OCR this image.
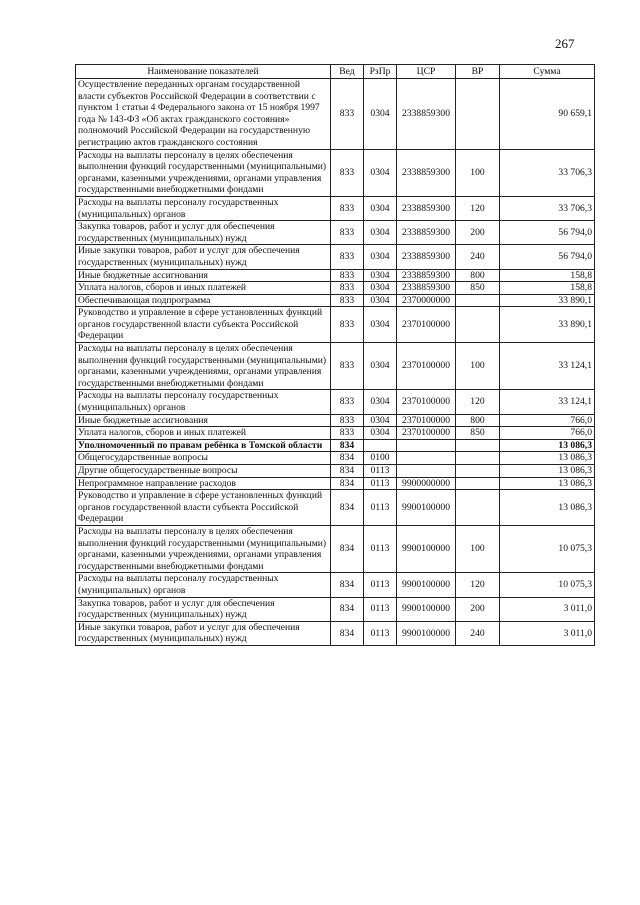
267
Наименование показателей	Вед	РзПр	ЦСР	ВР	Сумма
Осуществление переданных органам государственной власти субъектов Российской Федерации в соответствии с пунктом 1 статьи 4 Федерального закона от 15 ноября 1997 года № 143-ФЗ «Об актах гражданского состояния» полномочий Российской Федерации на государственную регистрацию актов гражданского состояния	833	0304	2338859300		90 659,1
Расходы на выплаты персоналу в целях обеспечения выполнения функций государственными (муниципальными) органами, казенными учреждениями, органами управления государственными внебюджетными фондами	833	0304	2338859300	100	33 706,3
Расходы на выплаты персоналу государственных (муниципальных) органов	833	0304	2338859300	120	33 706,3
Закупка товаров, работ и услуг для обеспечения государственных (муниципальных) нужд	833	0304	2338859300	200	56 794,0
Иные закупки товаров, работ и услуг для обеспечения государственных (муниципальных) нужд	833	0304	2338859300	240	56 794,0
Иные бюджетные ассигнования	833	0304	2338859300	800	158,8
Уплата налогов, сборов и иных платежей	833	0304	2338859300	850	158,8
Обеспечивающая подпрограмма	833	0304	2370000000		33 890,1
Руководство и управление в сфере установленных функций органов государственной власти субъекта Российской Федерации	833	0304	2370100000		33 890,1
Расходы на выплаты персоналу в целях обеспечения выполнения функций государственными (муниципальными) органами, казенными учреждениями, органами управления государственными внебюджетными фондами	833	0304	2370100000	100	33 124,1
Расходы на выплаты персоналу государственных (муниципальных) органов	833	0304	2370100000	120	33 124,1
Иные бюджетные ассигнования	833	0304	2370100000	800	766,0
Уплата налогов, сборов и иных платежей	833	0304	2370100000	850	766,0
Уполномоченный по правам ребёнка в Томской области	834				13 086,3
Общегосударственные вопросы	834	0100			13 086,3
Другие общегосударственные вопросы	834	0113			13 086,3
Непрограммное направление расходов	834	0113	9900000000		13 086,3
Руководство и управление в сфере установленных функций органов государственной власти субъекта Российской Федерации	834	0113	9900100000		13 086,3
Расходы на выплаты персоналу в целях обеспечения выполнения функций государственными (муниципальными) органами, казенными учреждениями, органами управления государственными внебюджетными фондами	834	0113	9900100000	100	10 075,3
Расходы на выплаты персоналу государственных (муниципальных) органов	834	0113	9900100000	120	10 075,3
Закупка товаров, работ и услуг для обеспечения государственных (муниципальных) нужд	834	0113	9900100000	200	3 011,0
Иные закупки товаров, работ и услуг для обеспечения государственных (муниципальных) нужд	834	0113	9900100000	240	3 011,0
